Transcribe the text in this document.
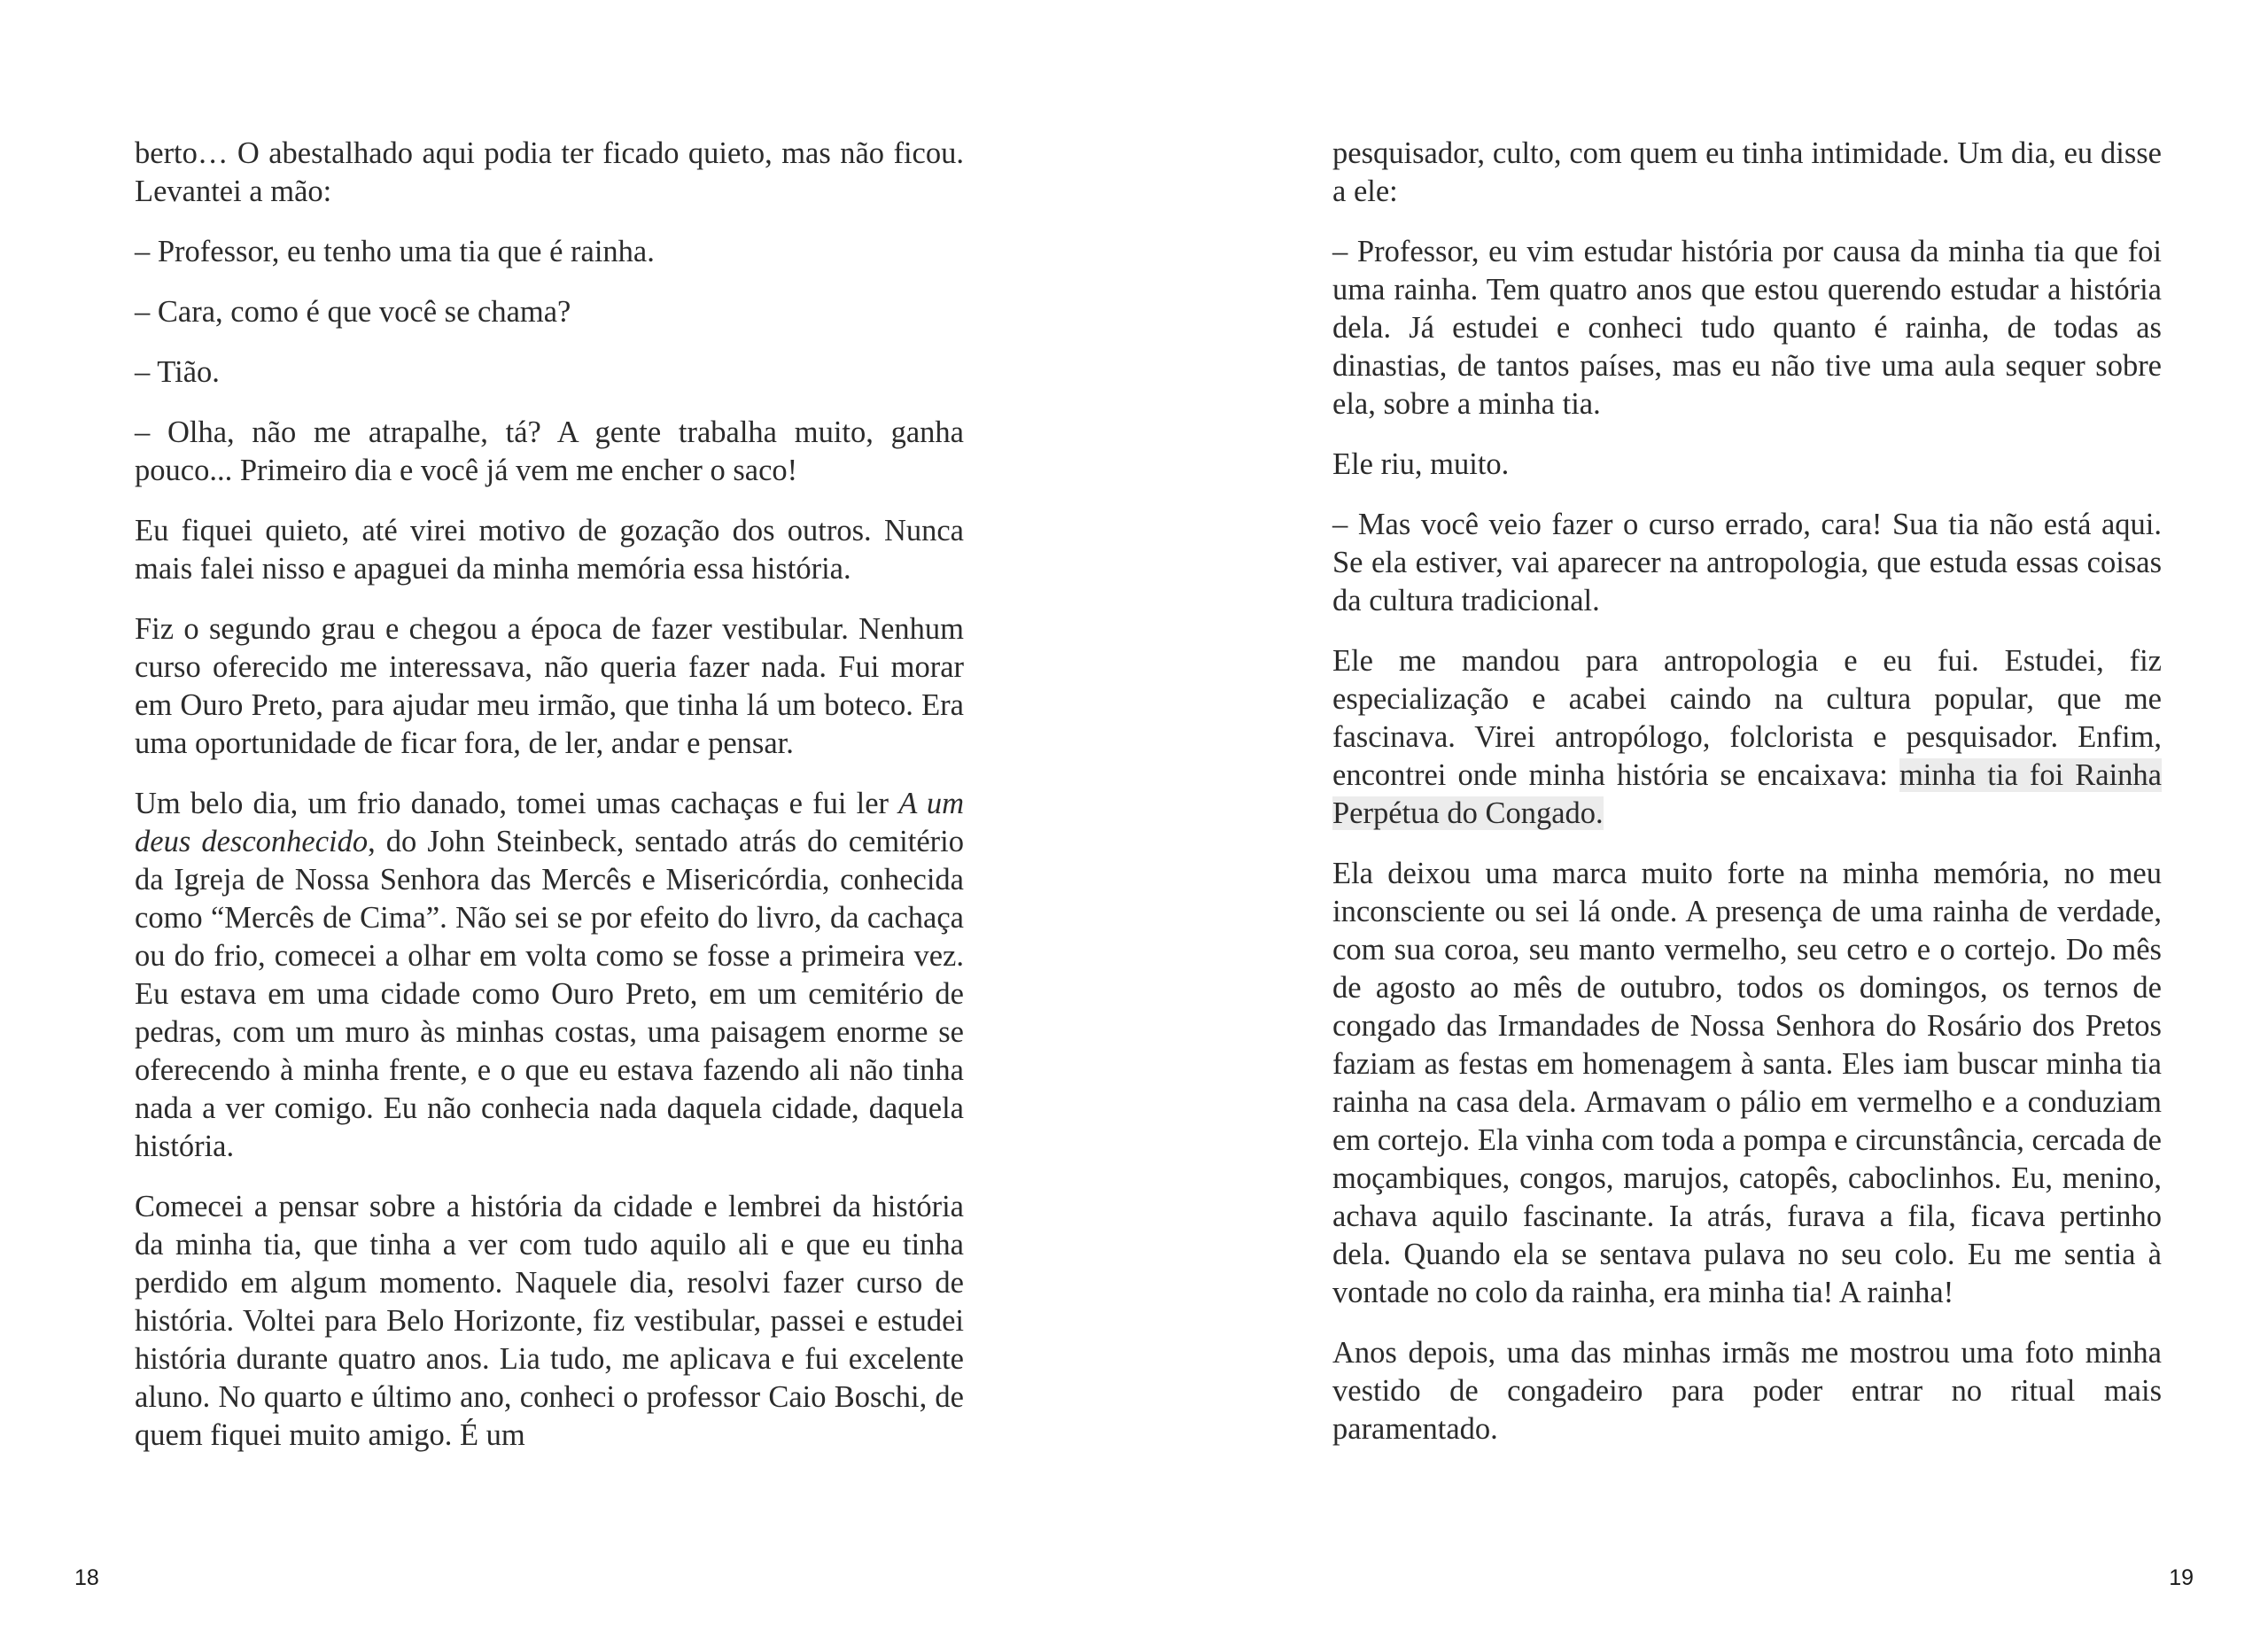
berto… O abestalhado aqui podia ter ficado quieto, mas não ficou. Levantei a mão:

– Professor, eu tenho uma tia que é rainha.

– Cara, como é que você se chama?

– Tião.

– Olha, não me atrapalhe, tá? A gente trabalha muito, ganha pouco... Primeiro dia e você já vem me encher o saco!

Eu fiquei quieto, até virei motivo de gozação dos outros. Nunca mais falei nisso e apaguei da minha memória essa história.

Fiz o segundo grau e chegou a época de fazer vestibular. Nenhum curso oferecido me interessava, não queria fazer nada. Fui morar em Ouro Preto, para ajudar meu irmão, que tinha lá um boteco. Era uma oportunidade de ficar fora, de ler, andar e pensar.

Um belo dia, um frio danado, tomei umas cachaças e fui ler A um deus desconhecido, do John Steinbeck, sentado atrás do cemitério da Igreja de Nossa Senhora das Mercês e Misericórdia, conhecida como “Mercês de Cima”. Não sei se por efeito do livro, da cachaça ou do frio, comecei a olhar em volta como se fosse a primeira vez. Eu estava em uma cidade como Ouro Preto, em um cemitério de pedras, com um muro às minhas costas, uma paisagem enorme se oferecendo à minha frente, e o que eu estava fazendo ali não tinha nada a ver comigo. Eu não conhecia nada daquela cidade, daquela história.

Comecei a pensar sobre a história da cidade e lembrei da história da minha tia, que tinha a ver com tudo aquilo ali e que eu tinha perdido em algum momento. Naquele dia, resolvi fazer curso de história. Voltei para Belo Horizonte, fiz vestibular, passei e estudei história durante quatro anos. Lia tudo, me aplicava e fui excelente aluno. No quarto e último ano, conheci o professor Caio Boschi, de quem fiquei muito amigo. É um

18

pesquisador, culto, com quem eu tinha intimidade. Um dia, eu disse a ele:

– Professor, eu vim estudar história por causa da minha tia que foi uma rainha. Tem quatro anos que estou querendo estudar a história dela. Já estudei e conheci tudo quanto é rainha, de todas as dinastias, de tantos países, mas eu não tive uma aula sequer sobre ela, sobre a minha tia.

Ele riu, muito.

– Mas você veio fazer o curso errado, cara! Sua tia não está aqui. Se ela estiver, vai aparecer na antropologia, que estuda essas coisas da cultura tradicional.

Ele me mandou para antropologia e eu fui. Estudei, fiz especialização e acabei caindo na cultura popular, que me fascinava. Virei antropólogo, folclorista e pesquisador. Enfim, encontrei onde minha história se encaixava: minha tia foi Rainha Perpétua do Congado.

Ela deixou uma marca muito forte na minha memória, no meu inconsciente ou sei lá onde. A presença de uma rainha de verdade, com sua coroa, seu manto vermelho, seu cetro e o cortejo. Do mês de agosto ao mês de outubro, todos os domingos, os ternos de congado das Irmandades de Nossa Senhora do Rosário dos Pretos faziam as festas em homenagem à santa. Eles iam buscar minha tia rainha na casa dela. Armavam o pálio em vermelho e a conduziam em cortejo. Ela vinha com toda a pompa e circunstância, cercada de moçambiques, congos, marujos, catopês, caboclinhos. Eu, menino, achava aquilo fascinante. Ia atrás, furava a fila, ficava pertinho dela. Quando ela se sentava pulava no seu colo. Eu me sentia à vontade no colo da rainha, era minha tia! A rainha!

Anos depois, uma das minhas irmãs me mostrou uma foto minha vestido de congadeiro para poder entrar no ritual mais paramentado.

19
